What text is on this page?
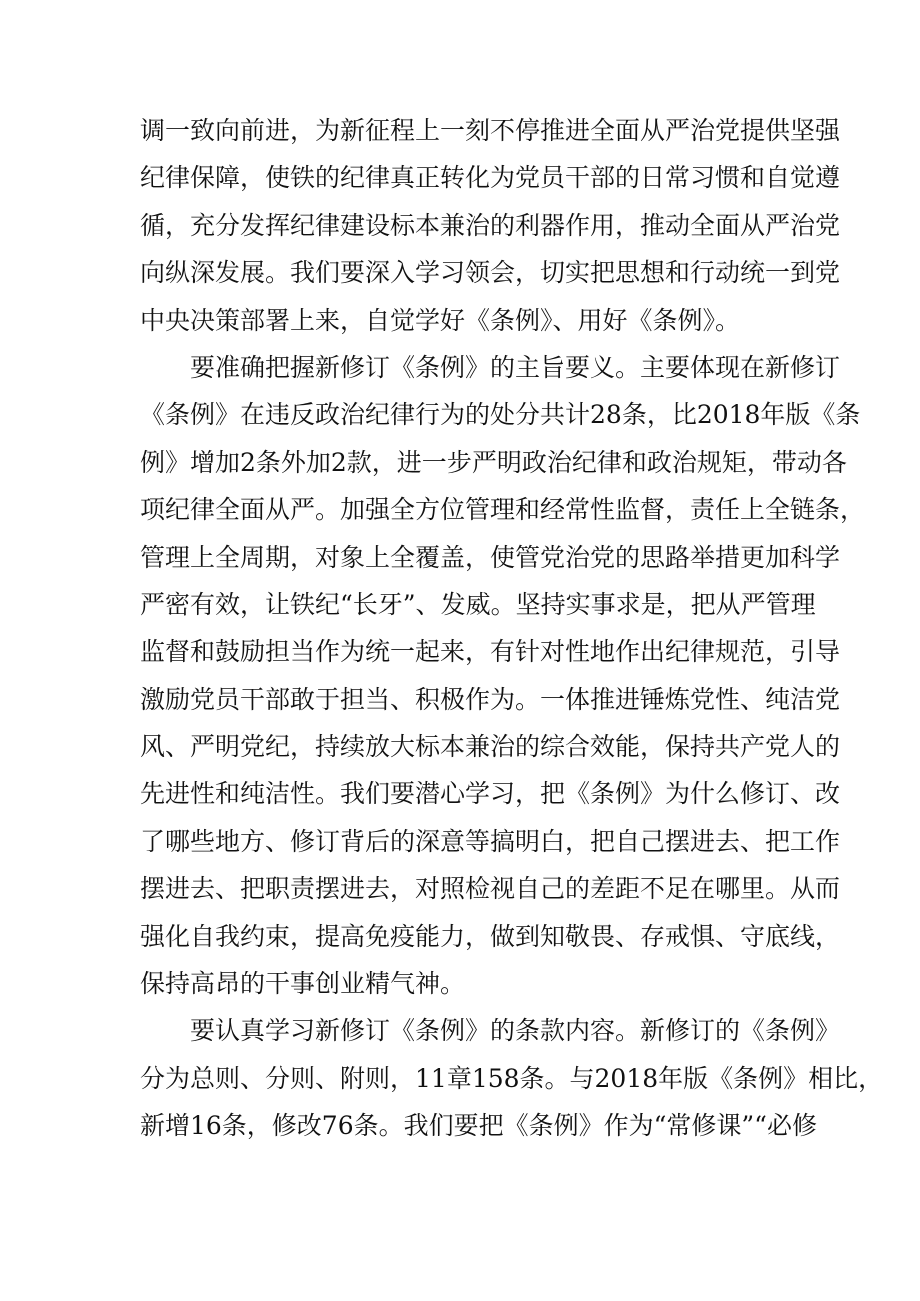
调一致向前进，为新征程上一刻不停推进全面从严治党提供坚强
纪律保障，使铁的纪律真正转化为党员干部的日常习惯和自觉遵
循，充分发挥纪律建设标本兼治的利器作用，推动全面从严治党
向纵深发展。我们要深入学习领会，切实把思想和行动统一到党
中央决策部署上来，自觉学好《条例》、用好《条例》。
要准确把握新修订《条例》的主旨要义。主要体现在新修订
《条例》在违反政治纪律行为的处分共计28条，比2018年版《条
例》增加2条外加2款，进一步严明政治纪律和政治规矩，带动各
项纪律全面从严。加强全方位管理和经常性监督，责任上全链条，
管理上全周期，对象上全覆盖，使管党治党的思路举措更加科学
严密有效，让铁纪“长牙”、发威。坚持实事求是，把从严管理
监督和鼓励担当作为统一起来，有针对性地作出纪律规范，引导
激励党员干部敢于担当、积极作为。一体推进锤炼党性、纯洁党
风、严明党纪，持续放大标本兼治的综合效能，保持共产党人的
先进性和纯洁性。我们要潜心学习，把《条例》为什么修订、改
了哪些地方、修订背后的深意等搞明白，把自己摆进去、把工作
摆进去、把职责摆进去，对照检视自己的差距不足在哪里。从而
强化自我约束，提高免疫能力，做到知敬畏、存戒惧、守底线，
保持高昂的干事创业精气神。
要认真学习新修订《条例》的条款内容。新修订的《条例》
分为总则、分则、附则，11章158条。与2018年版《条例》相比，
新增16条，修改76条。我们要把《条例》作为“常修课”“必修
